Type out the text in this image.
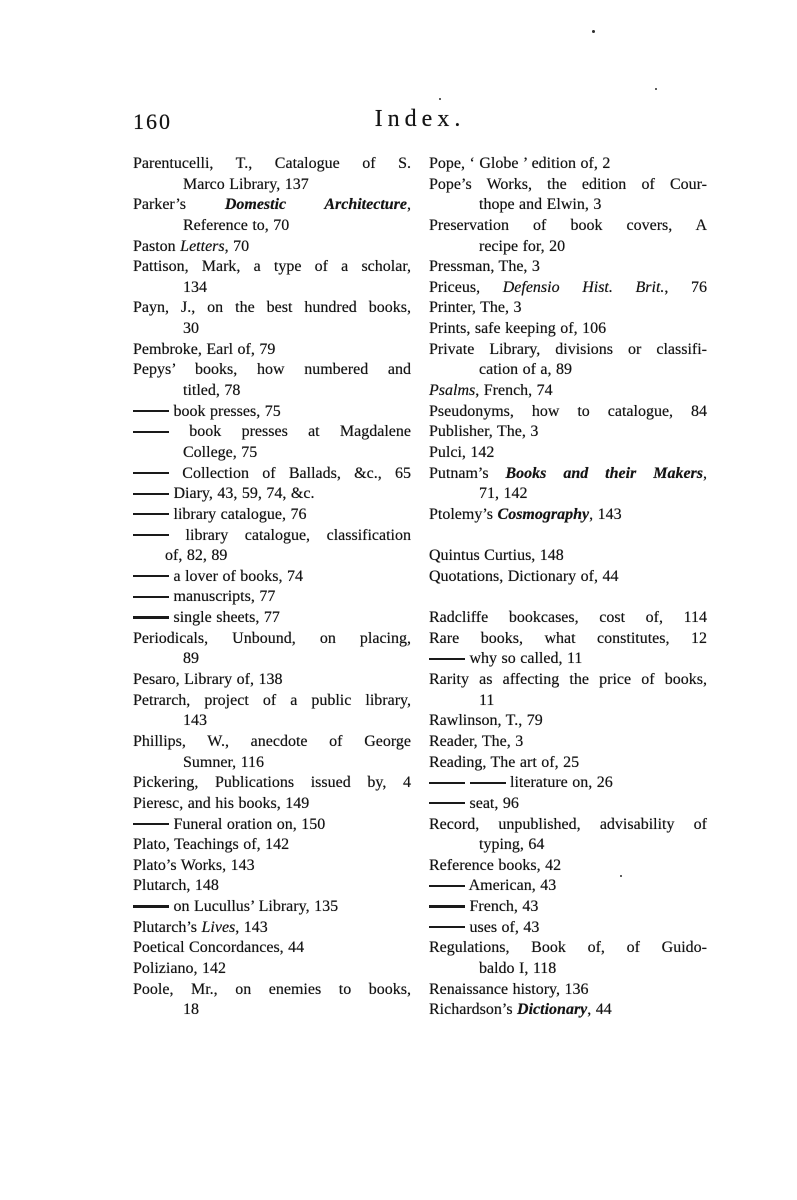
160	Index.
Parentucelli, T., Catalogue of S.
Marco Library, 137
Parker’s Domestic Architecture,
Reference to, 70
Paston Letters, 70
Pattison, Mark, a type of a scholar,
134
Payn, J., on the best hundred books,
30
Pembroke, Earl of, 79
Pepys’ books, how numbered and
titled, 78
book presses, 75
book presses at Magdalene
College, 75
Collection of Ballads, &c., 65
Diary, 43, 59, 74, &c.
library catalogue, 76
library catalogue, classification
of, 82, 89
a lover of books, 74
manuscripts, 77
single sheets, 77
Periodicals, Unbound, on placing,
89
Pesaro, Library of, 138
Petrarch, project of a public library,
143
Phillips, W., anecdote of George
Sumner, 116
Pickering, Publications issued by, 4
Pieresc, and his books, 149
Funeral oration on, 150
Plato, Teachings of, 142
Plato’s Works, 143
Plutarch, 148
on Lucullus’ Library, 135
Plutarch’s Lives, 143
Poetical Concordances, 44
Poliziano, 142
Poole, Mr., on enemies to books,
18
Pope, ‘ Globe ’ edition of, 2
Pope’s Works, the edition of Cour-
thope and Elwin, 3
Preservation of book covers, A
recipe for, 20
Pressman, The, 3
Priceus, Defensio Hist. Brit., 76
Printer, The, 3
Prints, safe keeping of, 106
Private Library, divisions or classifi-
cation of a, 89
Psalms, French, 74
Pseudonyms, how to catalogue, 84
Publisher, The, 3
Pulci, 142
Putnam’s Books and their Makers,
71, 142
Ptolemy’s Cosmography, 143

Quintus Curtius, 148
Quotations, Dictionary of, 44

Radcliffe bookcases, cost of, 114
Rare books, what constitutes, 12
why so called, 11
Rarity as affecting the price of books,
11
Rawlinson, T., 79
Reader, The, 3
Reading, The art of, 25
literature on, 26
seat, 96
Record, unpublished, advisability of
typing, 64
Reference books, 42
American, 43
French, 43
uses of, 43
Regulations, Book of, of Guido-
baldo I, 118
Renaissance history, 136
Richardson’s Dictionary, 44
